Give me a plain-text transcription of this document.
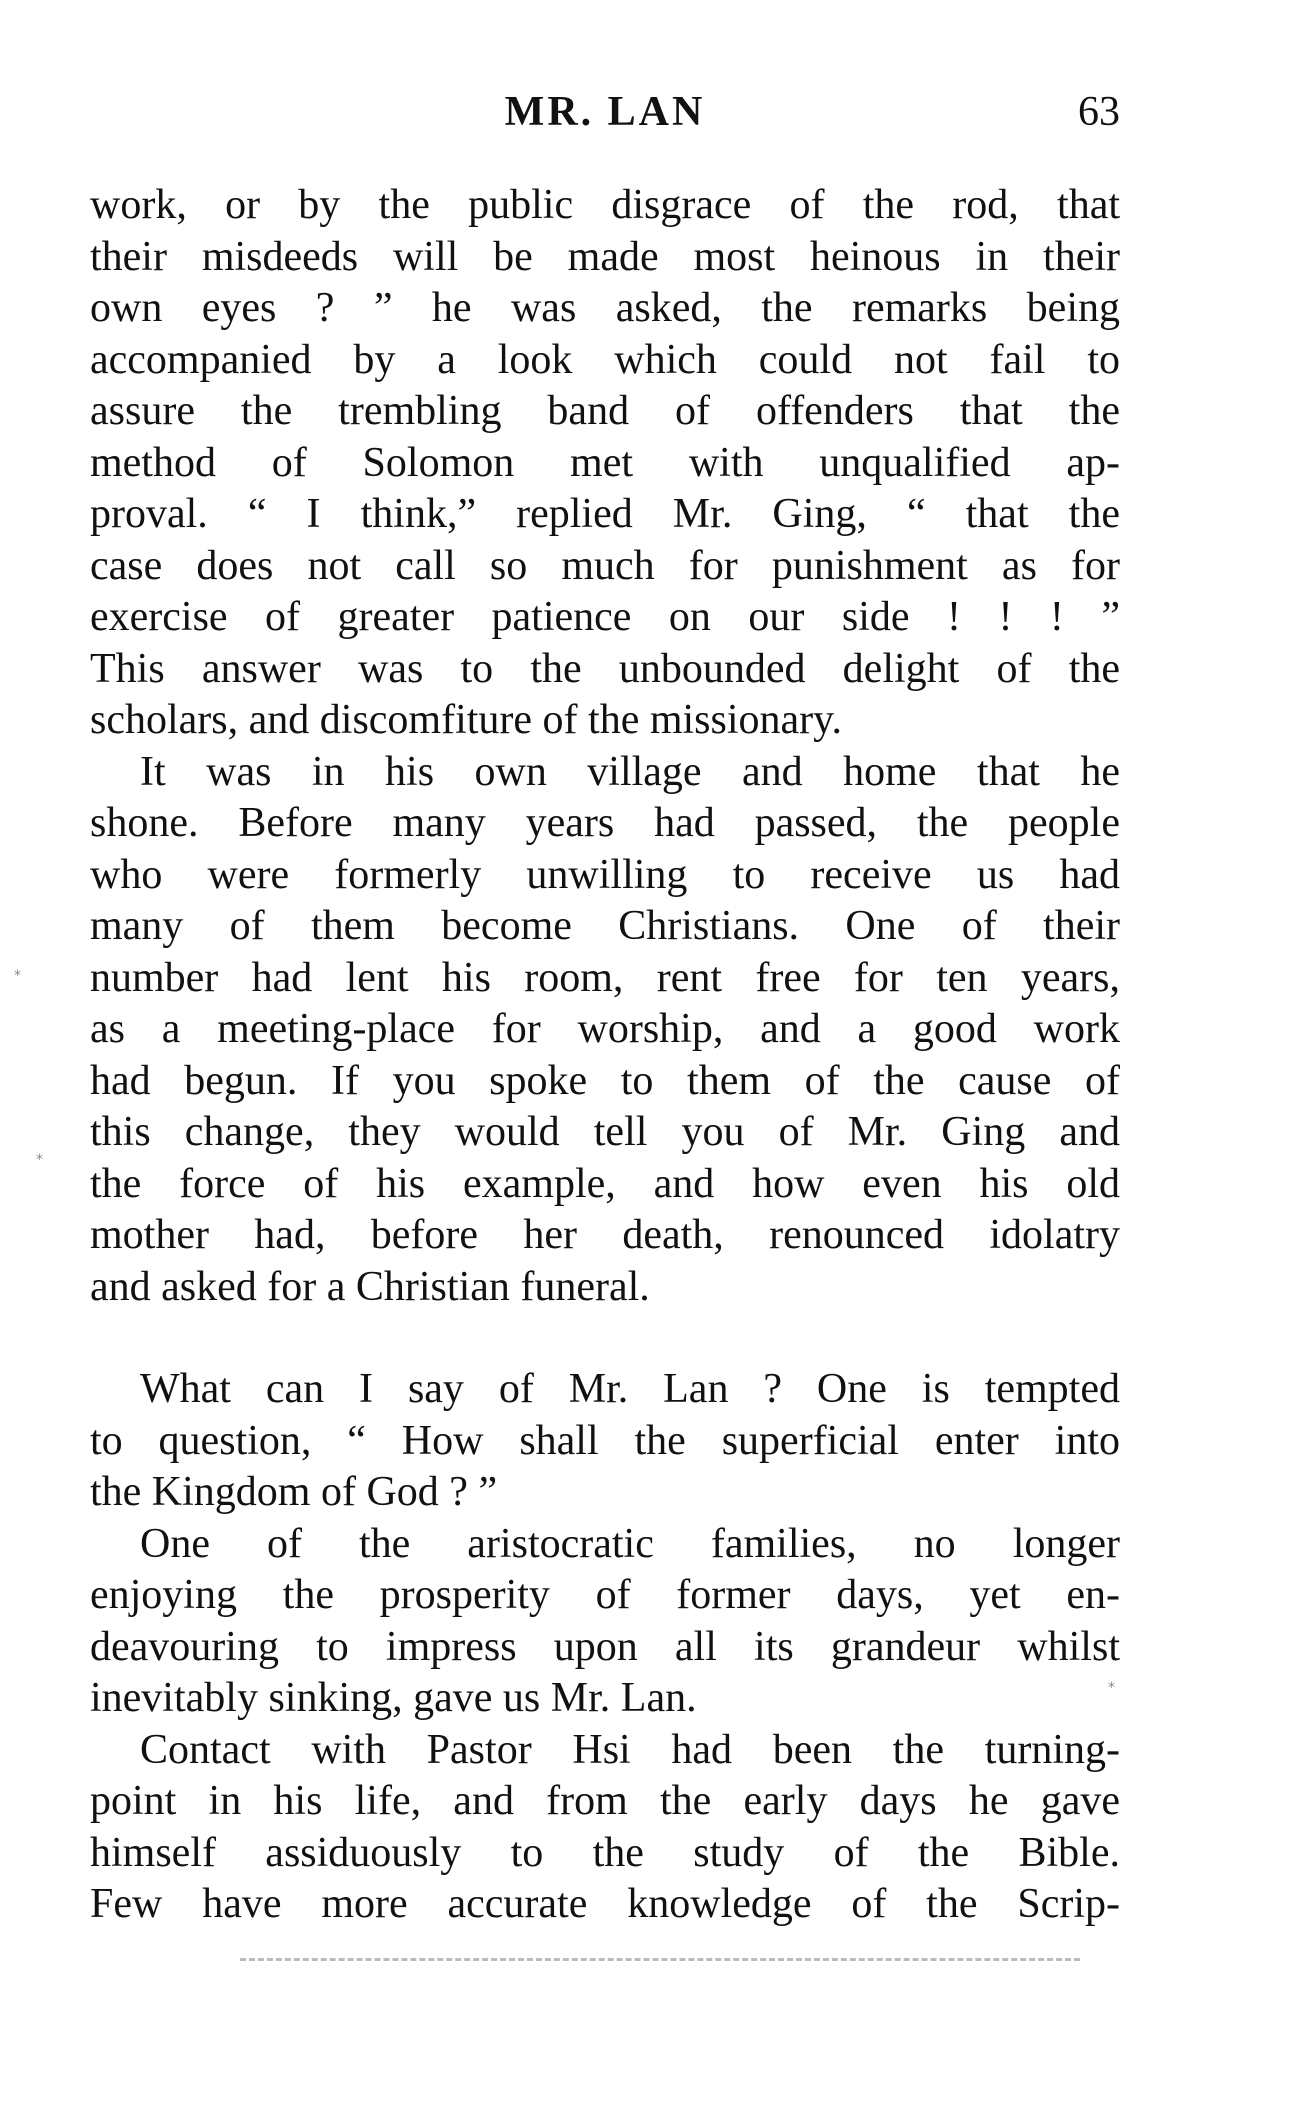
MR. LAN	63
work, or by the public disgrace of the rod, that
their misdeeds will be made most heinous in their
own eyes ? ” he was asked, the remarks being
accompanied by a look which could not fail to
assure the trembling band of offenders that the
method of Solomon met with unqualified ap-
proval. “ I think,” replied Mr. Ging, “ that the
case does not call so much for punishment as for
exercise of greater patience on our side ! ! ! ”
This answer was to the unbounded delight of the
scholars, and discomfiture of the missionary.
It was in his own village and home that he
shone. Before many years had passed, the people
who were formerly unwilling to receive us had
many of them become Christians. One of their
number had lent his room, rent free for ten years,
as a meeting-place for worship, and a good work
had begun. If you spoke to them of the cause of
this change, they would tell you of Mr. Ging and
the force of his example, and how even his old
mother had, before her death, renounced idolatry
and asked for a Christian funeral.
What can I say of Mr. Lan ? One is tempted
to question, “ How shall the superficial enter into
the Kingdom of God ? ”
One of the aristocratic families, no longer
enjoying the prosperity of former days, yet en-
deavouring to impress upon all its grandeur whilst
inevitably sinking, gave us Mr. Lan.
Contact with Pastor Hsi had been the turning-
point in his life, and from the early days he gave
himself assiduously to the study of the Bible.
Few have more accurate knowledge of the Scrip-
*
*
*
